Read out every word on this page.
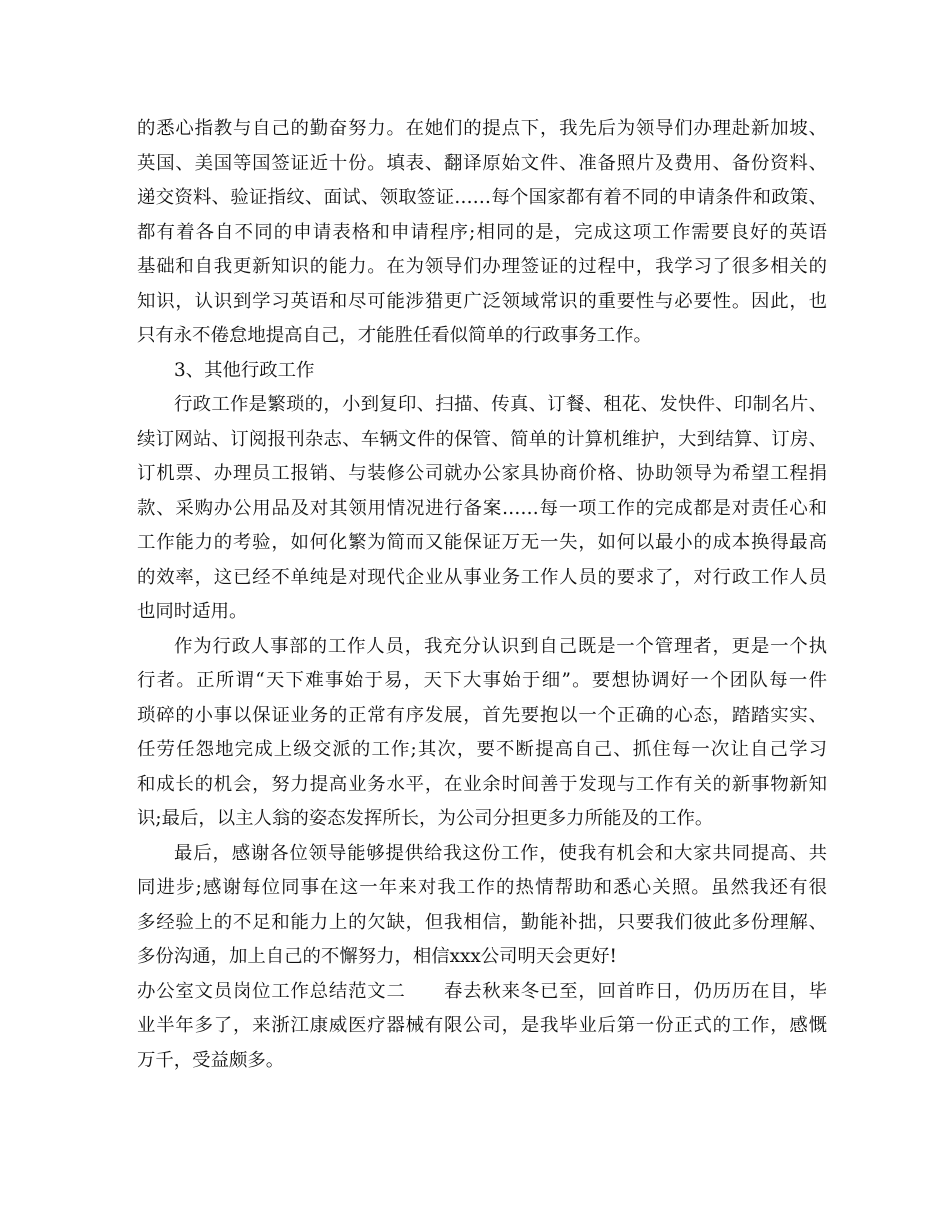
的悉心指教与自己的勤奋努力。在她们的提点下，我先后为领导们办理赴新加坡、
英国、美国等国签证近十份。填表、翻译原始文件、准备照片及费用、备份资料、
递交资料、验证指纹、面试、领取签证……每个国家都有着不同的申请条件和政策、
都有着各自不同的申请表格和申请程序;相同的是，完成这项工作需要良好的英语
基础和自我更新知识的能力。在为领导们办理签证的过程中，我学习了很多相关的
知识，认识到学习英语和尽可能涉猎更广泛领域常识的重要性与必要性。因此，也
只有永不倦怠地提高自己，才能胜任看似简单的行政事务工作。
3、其他行政工作
行政工作是繁琐的，小到复印、扫描、传真、订餐、租花、发快件、印制名片、
续订网站、订阅报刊杂志、车辆文件的保管、简单的计算机维护，大到结算、订房、
订机票、办理员工报销、与装修公司就办公家具协商价格、协助领导为希望工程捐
款、采购办公用品及对其领用情况进行备案……每一项工作的完成都是对责任心和
工作能力的考验，如何化繁为简而又能保证万无一失，如何以最小的成本换得最高
的效率，这已经不单纯是对现代企业从事业务工作人员的要求了，对行政工作人员
也同时适用。
作为行政人事部的工作人员，我充分认识到自己既是一个管理者，更是一个执
行者。正所谓“天下难事始于易，天下大事始于细”。要想协调好一个团队每一件
琐碎的小事以保证业务的正常有序发展，首先要抱以一个正确的心态，踏踏实实、
任劳任怨地完成上级交派的工作;其次，要不断提高自己、抓住每一次让自己学习
和成长的机会，努力提高业务水平，在业余时间善于发现与工作有关的新事物新知
识;最后，以主人翁的姿态发挥所长，为公司分担更多力所能及的工作。
最后，感谢各位领导能够提供给我这份工作，使我有机会和大家共同提高、共
同进步;感谢每位同事在这一年来对我工作的热情帮助和悉心关照。虽然我还有很
多经验上的不足和能力上的欠缺，但我相信，勤能补拙，只要我们彼此多份理解、
多份沟通，加上自己的不懈努力，相信xxx公司明天会更好!
办公室文员岗位工作总结范文二　　春去秋来冬已至，回首昨日，仍历历在目，毕
业半年多了，来浙江康威医疗器械有限公司，是我毕业后第一份正式的工作，感慨
万千，受益颇多。
